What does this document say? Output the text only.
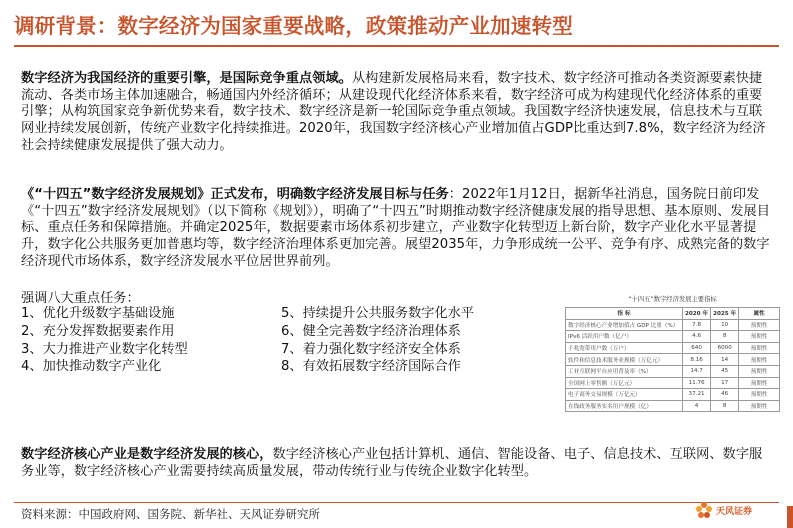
调研背景：数字经济为国家重要战略，政策推动产业加速转型

数字经济为我国经济的重要引擎，是国际竞争重点领域。从构建新发展格局来看，数字技术、数字经济可推动各类资源要素快捷流动、各类市场主体加速融合，畅通国内外经济循环；从建设现代化经济体系来看，数字经济可成为构建现代化经济体系的重要引擎；从构筑国家竞争新优势来看，数字技术、数字经济是新一轮国际竞争重点领域。我国数字经济快速发展，信息技术与互联网业持续发展创新，传统产业数字化持续推进。2020年，我国数字经济核心产业增加值占GDP比重达到7.8%，数字经济为经济社会持续健康发展提供了强大动力。

《“十四五”数字经济发展规划》正式发布，明确数字经济发展目标与任务：2022年1月12日，据新华社消息，国务院日前印发《“十四五”数字经济发展规划》（以下简称《规划》），明确了“十四五”时期推动数字经济健康发展的指导思想、基本原则、发展目标、重点任务和保障措施。并确定2025年，数据要素市场体系初步建立，产业数字化转型迈上新台阶，数字产业化水平显著提升，数字化公共服务更加普惠均等，数字经济治理体系更加完善。展望2035年，力争形成统一公平、竞争有序、成熟完备的数字经济现代市场体系，数字经济发展水平位居世界前列。

强调八大重点任务：
1、优化升级数字基础设施	5、持续提升公共服务数字化水平
2、充分发挥数据要素作用	6、健全完善数字经济治理体系
3、大力推进产业数字化转型	7、着力强化数字经济安全体系
4、加快推动数字产业化	8、有效拓展数字经济国际合作
“十四五”数字经济发展主要指标
指 标	2020 年	2025 年	属性
数字经济核心产业增加值占 GDP 比重（%）	7.8	10	预期性
IPv6 活跃用户数（亿户）	4.6	8	预期性
千兆宽带用户数（万户）	640	6000	预期性
软件和信息技术服务业规模（万亿元）	8.16	14	预期性
工业互联网平台应用普及率（%）	14.7	45	预期性
全国网上零售额（万亿元）	11.76	17	预期性
电子商务交易规模（万亿元）	37.21	46	预期性
在线政务服务实名用户规模（亿）	4	8	预期性

数字经济核心产业是数字经济发展的核心，数字经济核心产业包括计算机、通信、智能设备、电子、信息技术、互联网、数字服务业等，数字经济核心产业需要持续高质量发展，带动传统行业与传统企业数字化转型。

资料来源：中国政府网、国务院、新华社、天风证券研究所	天风证券
